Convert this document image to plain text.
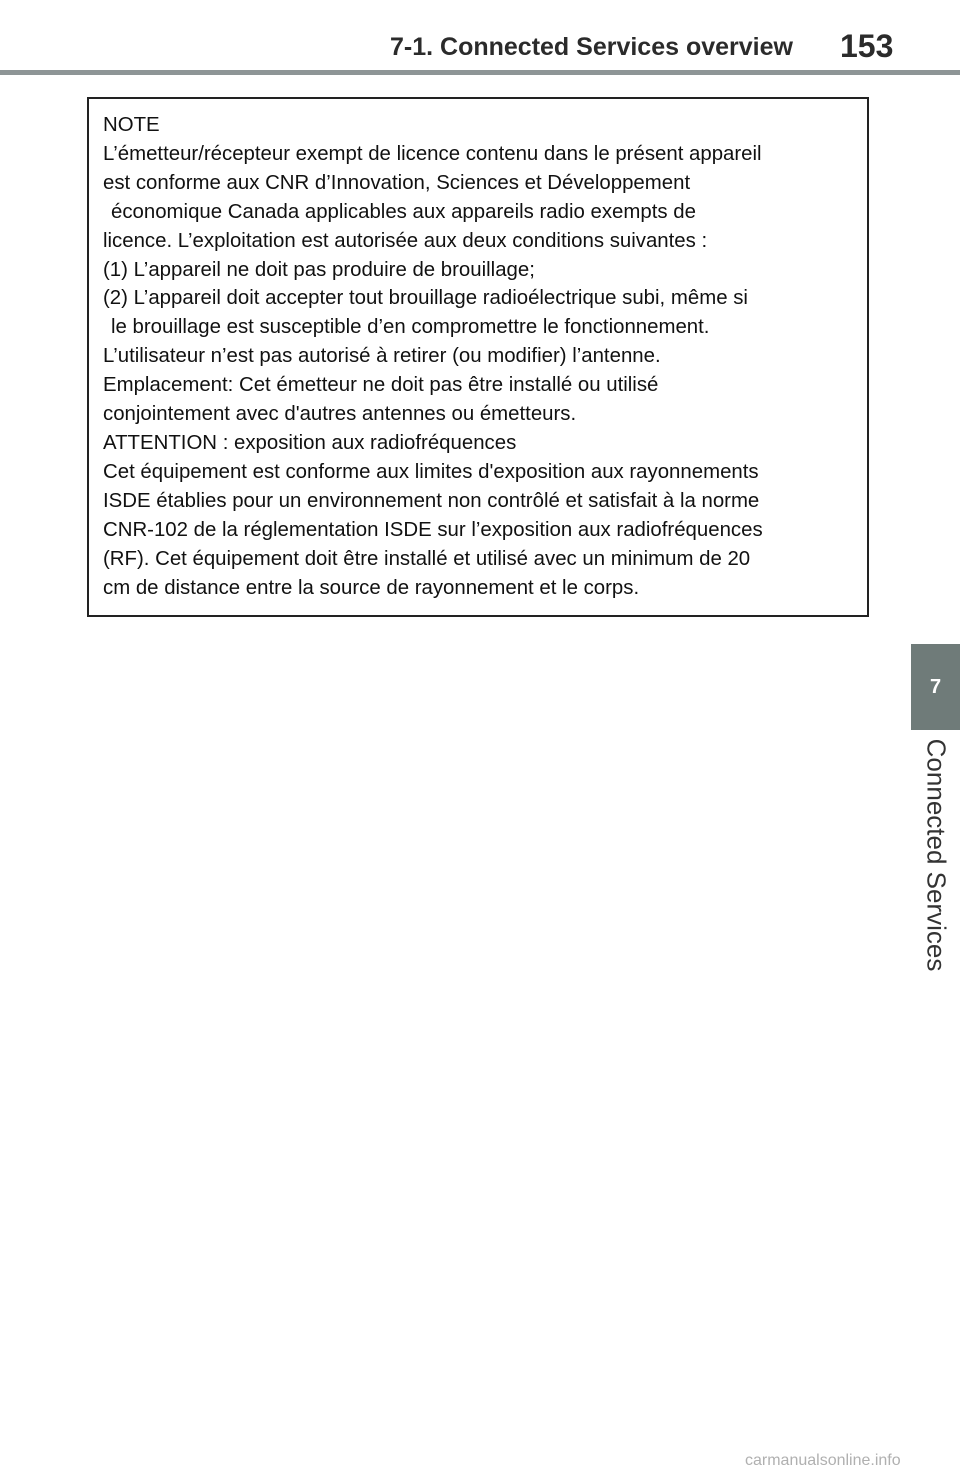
7-1. Connected Services overview 153
NOTE
L’émetteur/récepteur exempt de licence contenu dans le présent appareil
est conforme aux CNR d’Innovation, Sciences et Développement
économique Canada applicables aux appareils radio exempts de
licence. L’exploitation est autorisée aux deux conditions suivantes :
(1) L’appareil ne doit pas produire de brouillage;
(2) L’appareil doit accepter tout brouillage radioélectrique subi, même si
le brouillage est susceptible d’en compromettre le fonctionnement.
L’utilisateur n’est pas autorisé à retirer (ou modifier) l’antenne.
Emplacement: Cet émetteur ne doit pas être installé ou utilisé
conjointement avec d'autres antennes ou émetteurs.
ATTENTION : exposition aux radiofréquences
Cet équipement est conforme aux limites d'exposition aux rayonnements
ISDE établies pour un environnement non contrôlé et satisfait à la norme
CNR-102 de la réglementation ISDE sur l’exposition aux radiofréquences
(RF). Cet équipement doit être installé et utilisé avec un minimum de 20
cm de distance entre la source de rayonnement et le corps.
7
Connected Services
carmanualsonline.info
